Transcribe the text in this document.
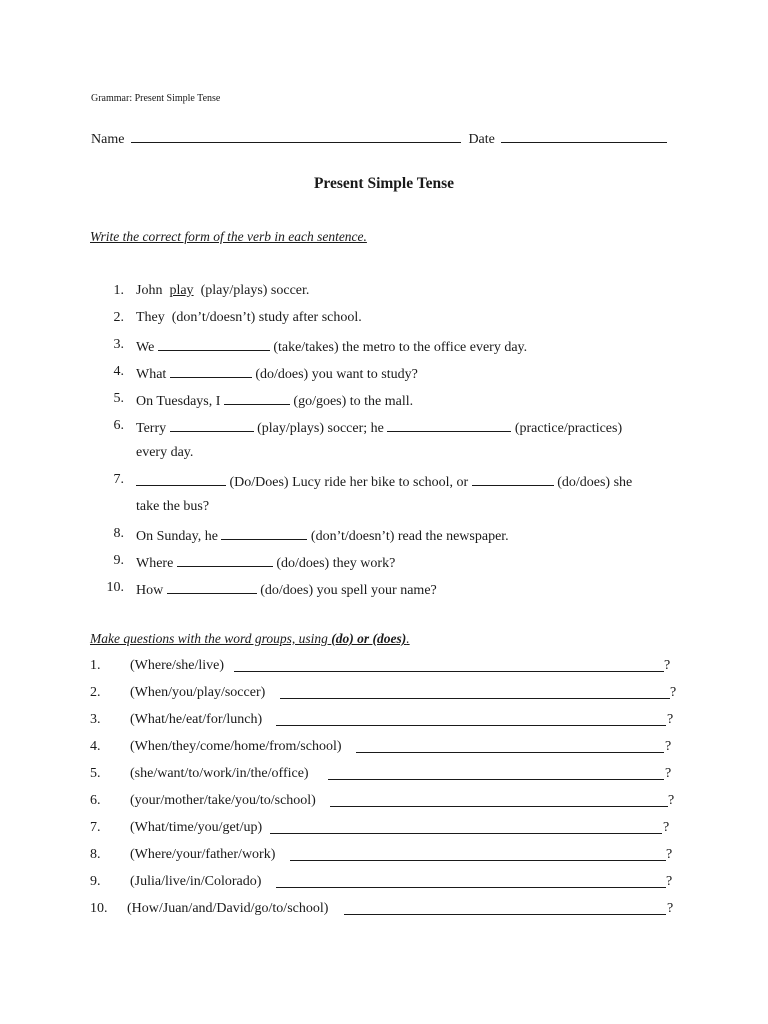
Grammar: Present Simple Tense
Name	Date
Present Simple Tense
Write the correct form of the verb in each sentence.
1. John play (play/plays) soccer.
2. They  (don’t/doesn’t) study after school.
3. We	(take/takes) the metro to the office every day.
4. What	(do/does) you want to study?
5. On Tuesdays, I	(go/goes) to the mall.
6. Terry	(play/plays) soccer; he	(practice/practices)
every day.
7.	(Do/Does) Lucy ride her bike to school, or	(do/does) she
take the bus?
8. On Sunday, he	(don’t/doesn’t) read the newspaper.
9. Where	(do/does) they work?
10. How	(do/does) you spell your name?
Make questions with the word groups, using (do) or (does).
1. (Where/she/live)	?
2. (When/you/play/soccer)	?
3. (What/he/eat/for/lunch)	?
4. (When/they/come/home/from/school)	?
5. (she/want/to/work/in/the/office)	?
6. (your/mother/take/you/to/school)	?
7. (What/time/you/get/up)	?
8. (Where/your/father/work)	?
9. (Julia/live/in/Colorado)	?
10. (How/Juan/and/David/go/to/school)	?
